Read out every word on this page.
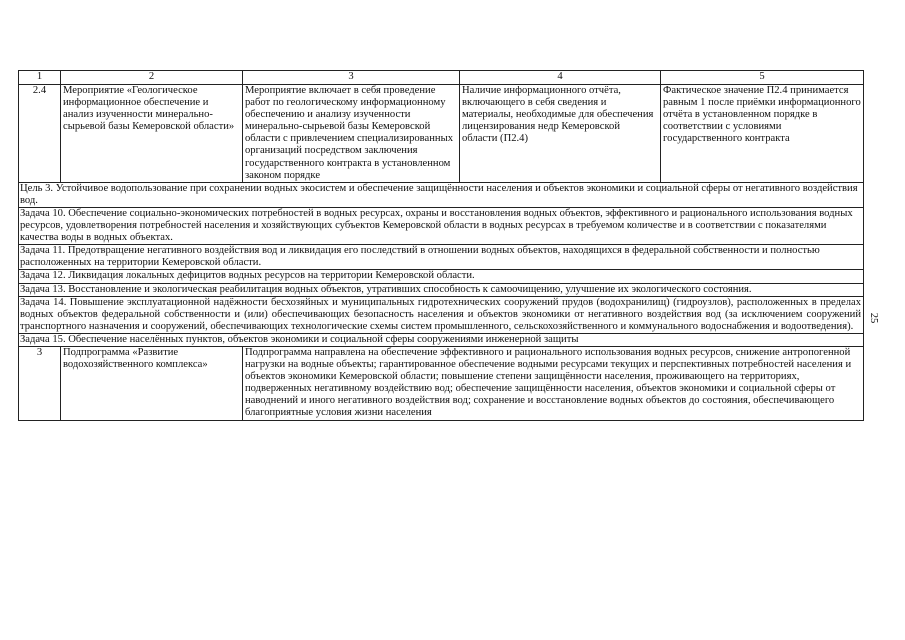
1	2	3	4	5
2.4	Мероприятие «Геологическое информационное обеспечение и анализ изученности минерально-сырьевой базы Кемеровской области»	Мероприятие включает в себя проведение работ по геологическому информационному обеспечению и анализу изученности минерально-сырьевой базы Кемеровской области с привлечением специализированных организаций посредством заключения государственного контракта в установленном законом порядке	Наличие информационного отчёта, включающего в себя сведения и материалы, необходимые для обеспечения лицензирования недр Кемеровской области (П2.4)	Фактическое значение П2.4 принимается равным 1 после приёмки информационного отчёта в установленном порядке в соответствии с условиями государственного контракта
Цель 3. Устойчивое водопользование при сохранении водных экосистем и обеспечение защищённости населения и объектов экономики и социальной сферы от негативного воздействия вод.				
Задача 10. Обеспечение социально-экономических потребностей в водных ресурсах, охраны и восстановления водных объектов, эффективного и рационального использования водных ресурсов, удовлетворения потребностей населения и хозяйствующих субъектов Кемеровской области в водных ресурсах в требуемом количестве и в соответствии с показателями качества воды в водных объектах.				
Задача 11. Предотвращение негативного воздействия вод и ликвидация его последствий в отношении водных объектов, находящихся в федеральной собственности и полностью расположенных на территории Кемеровской области.				
Задача 12. Ликвидация локальных дефицитов водных ресурсов на территории Кемеровской области.				
Задача 13. Восстановление и экологическая реабилитация водных объектов, утративших способность к самоочищению, улучшение их экологического состояния.				
Задача 14. Повышение эксплуатационной надёжности бесхозяйных и муниципальных гидротехнических сооружений прудов (водохранилищ) (гидроузлов), расположенных в пределах водных объектов федеральной собственности и (или) обеспечивающих безопасность населения и объектов экономики от негативного воздействия вод (за исключением сооружений транспортного назначения и сооружений, обеспечивающих технологические схемы систем промышленного, сельскохозяйственного и коммунального водоснабжения и водоотведения).				
Задача 15. Обеспечение населённых пунктов, объектов экономики и социальной сферы сооружениями инженерной защиты				
3	Подпрограмма «Развитие водохозяйственного комплекса»	Подпрограмма направлена на обеспечение эффективного и рационального использования водных ресурсов, снижение антропогенной нагрузки на водные объекты; гарантированное обеспечение водными ресурсами текущих и перспективных потребностей населения и объектов экономики Кемеровской области; повышение степени защищённости населения, проживающего на территориях, подверженных негативному воздействию вод; обеспечение защищённости населения, объектов экономики и социальной сферы от наводнений и иного негативного воздействия вод; сохранение и восстановление водных объектов до состояния, обеспечивающего благоприятные условия жизни населения		
25
